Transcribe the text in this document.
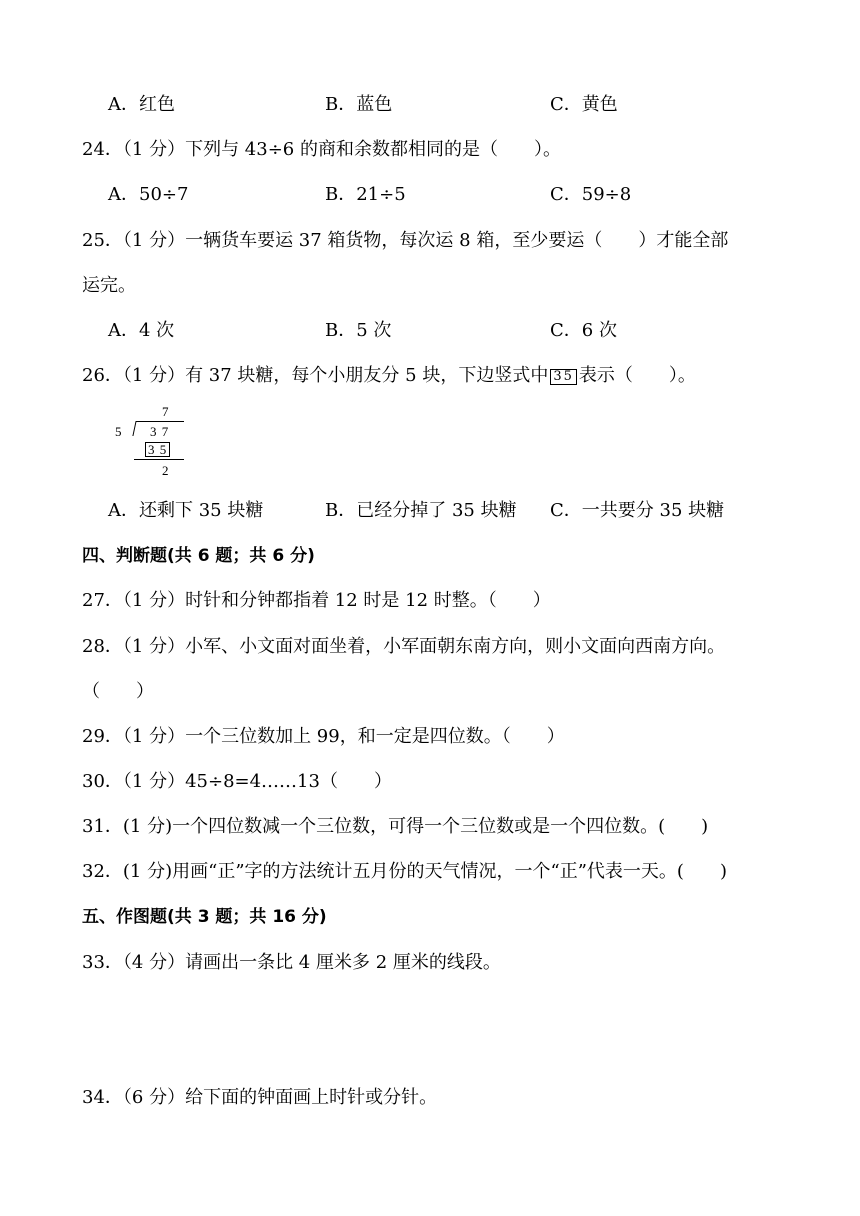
A．红色	B．蓝色	C．黄色
24．（1 分）下列与 43÷6 的商和余数都相同的是（　　）。
A．50÷7	B．21÷5	C．59÷8
25．（1 分）一辆货车要运 37 箱货物，每次运 8 箱，至少要运（　　）才能全部
运完。
A．4 次	B．5 次	C．6 次
26．（1 分）有 37 块糖，每个小朋友分 5 块，下边竖式中 35 表示（　　）。
7
5 3 7
3 5
2
A．还剩下 35 块糖	B．已经分掉了 35 块糖 C．一共要分 35 块糖
四、判断题(共 6 题；共 6 分)
27．（1 分）时针和分钟都指着 12 时是 12 时整。（　　）
28．（1 分）小军、小文面对面坐着，小军面朝东南方向，则小文面向西南方向。
（　　）
29．（1 分）一个三位数加上 99，和一定是四位数。（　　）
30．（1 分）45÷8=4……13（　　）
31．(1 分)一个四位数减一个三位数，可得一个三位数或是一个四位数。(　　)
32．(1 分)用画“正”字的方法统计五月份的天气情况，一个“正”代表一天。(　　)
五、作图题(共 3 题；共 16 分)
33．（4 分）请画出一条比 4 厘米多 2 厘米的线段。
34．（6 分）给下面的钟面画上时针或分针。
